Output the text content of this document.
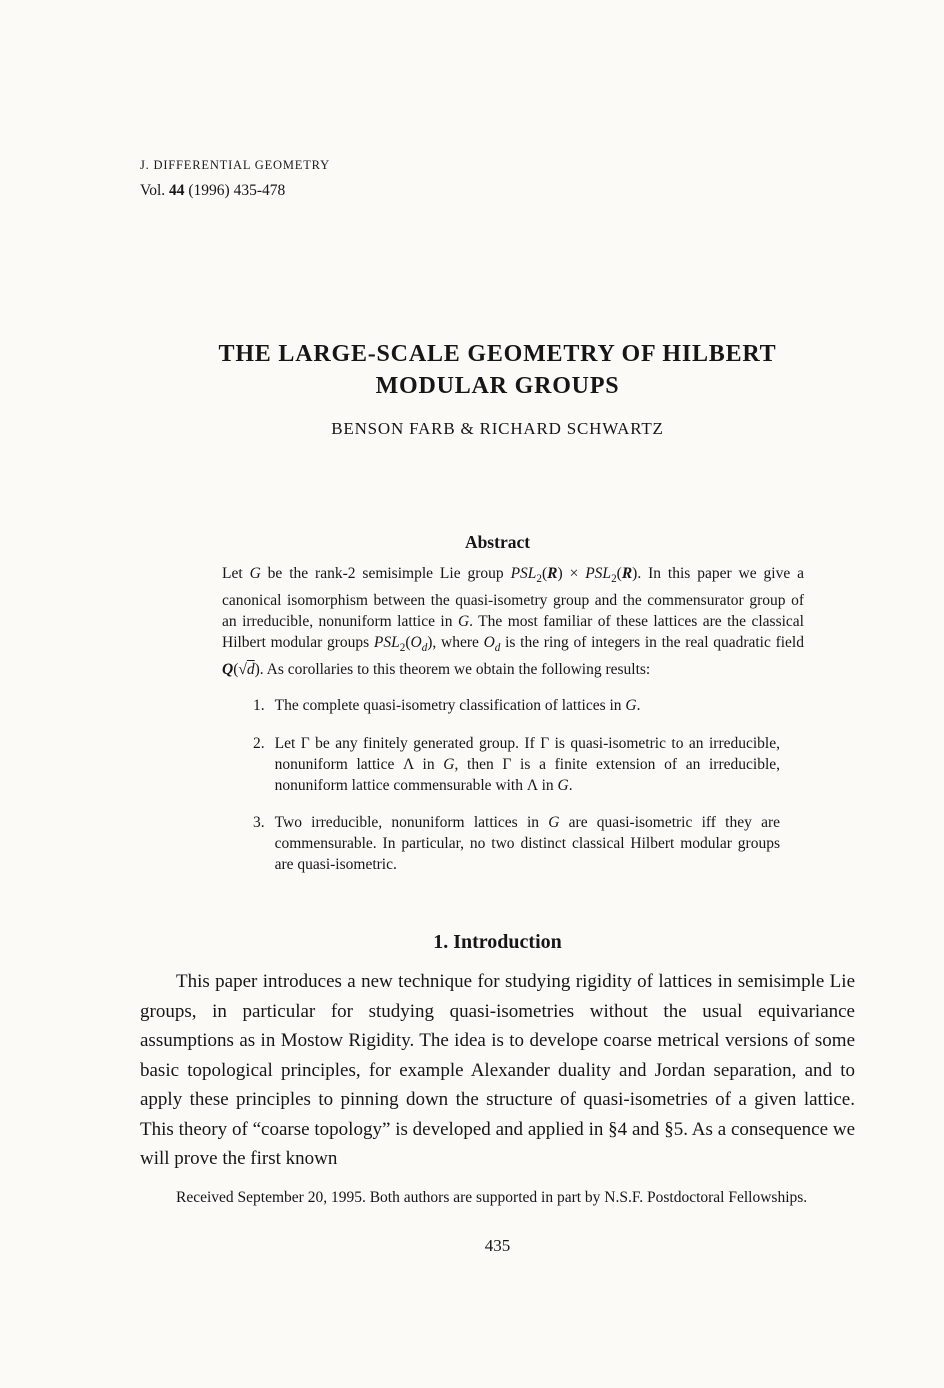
J. DIFFERENTIAL GEOMETRY
Vol. 44 (1996) 435-478
THE LARGE-SCALE GEOMETRY OF HILBERT
MODULAR GROUPS
BENSON FARB & RICHARD SCHWARTZ
Abstract

Let G be the rank-2 semisimple Lie group $PSL_2(R) \times PSL_2(R)$. In this paper we give a canonical isomorphism between the quasi-isometry group and the commensurator group of an irreducible, nonuniform lattice in G. The most familiar of these lattices are the classical Hilbert modular groups $PSL_2(O_d)$, where $O_d$ is the ring of integers in the real quadratic field Q(√d). As corollaries to this theorem we obtain the following results:

1. The complete quasi-isometry classification of lattices in G.
2. Let Γ be any finitely generated group. If Γ is quasi-isometric to an irreducible, nonuniform lattice Λ in G, then Γ is a finite extension of an irreducible, nonuniform lattice commensurable with Λ in G.
3. Two irreducible, nonuniform lattices in G are quasi-isometric iff they are commensurable. In particular, no two distinct classical Hilbert modular groups are quasi-isometric.
1. Introduction

This paper introduces a new technique for studying rigidity of lattices in semisimple Lie groups, in particular for studying quasi-isometries without the usual equivariance assumptions as in Mostow Rigidity. The idea is to develope coarse metrical versions of some basic topological principles, for example Alexander duality and Jordan separation, and to apply these principles to pinning down the structure of quasi-isometries of a given lattice. This theory of “coarse topology” is developed and applied in §4 and §5. As a consequence we will prove the first known

Received September 20, 1995. Both authors are supported in part by N.S.F. Postdoctoral Fellowships.
435
